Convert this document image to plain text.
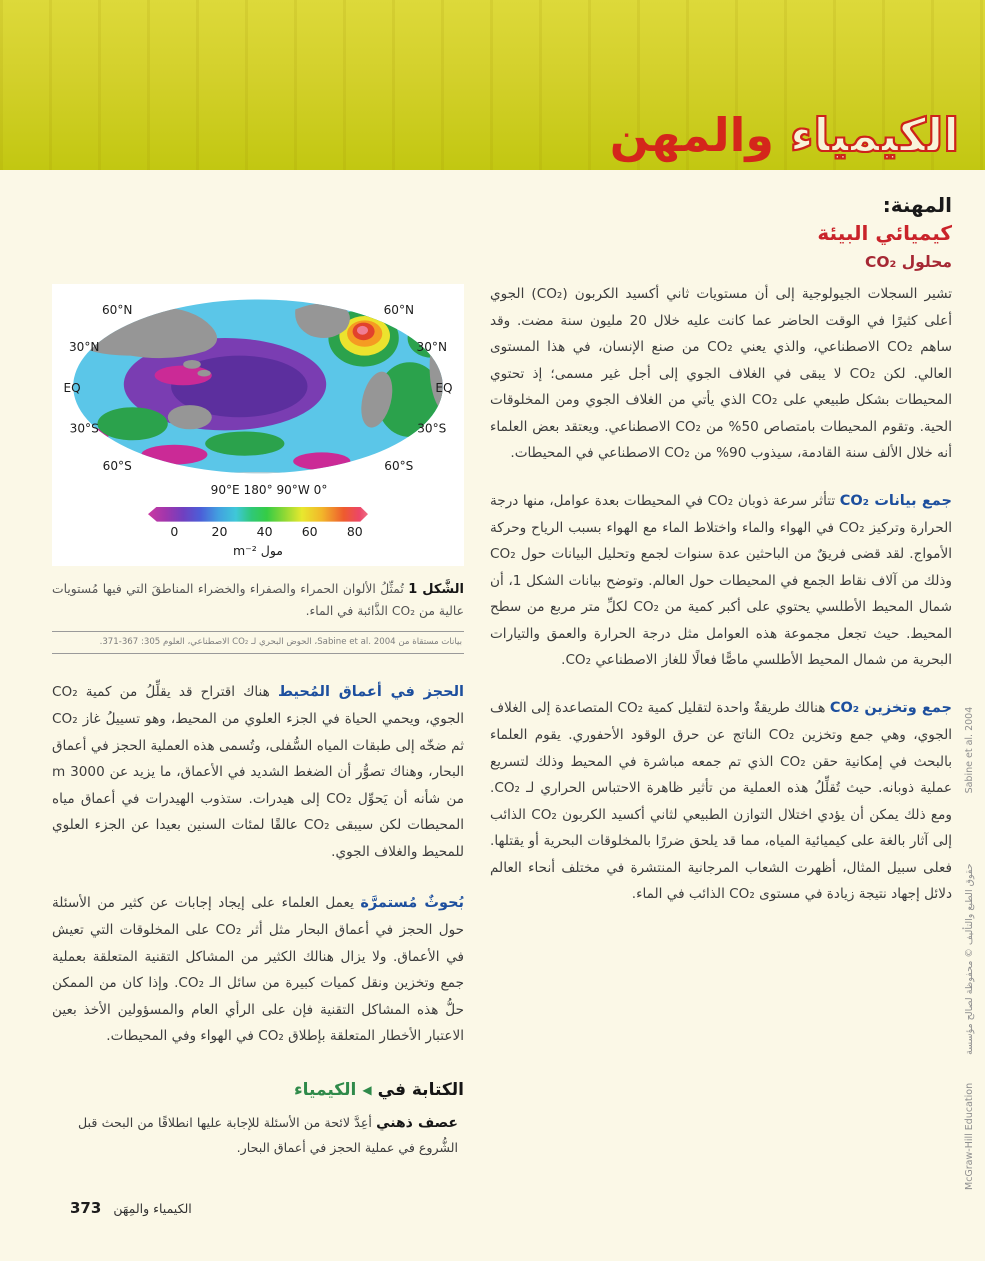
الكيمياءوالمهن

المهنة:

كيميائي البيئة

محلول CO₂

تشير السجلات الجيولوجية إلى أن مستويات ثاني أكسيد الكربون (CO₂) الجوي أعلى كثيرًا في الوقت الحاضر عما كانت عليه خلال 20 مليون سنة مضت. وقد ساهم CO₂ الاصطناعي، والذي يعني CO₂ من صنع الإنسان، في هذا المستوى العالي. لكن CO₂ لا يبقى في الغلاف الجوي إلى أجل غير مسمى؛ إذ تحتوي المحيطات بشكل طبيعي على CO₂ الذي يأتي من الغلاف الجوي ومن المخلوقات الحية. وتقوم المحيطات بامتصاص 50% من CO₂ الاصطناعي. ويعتقد بعض العلماء أنه خلال الألف سنة القادمة، سيذوب 90% من CO₂ الاصطناعي في المحيطات.

جمع بيانات CO₂ تتأثر سرعة ذوبان CO₂ في المحيطات بعدة عوامل، منها درجة الحرارة وتركيز CO₂ في الهواء والماء واختلاط الماء مع الهواء بسبب الرياح وحركة الأمواج. لقد قضى فريقٌ من الباحثين عدة سنوات لجمع وتحليل البيانات حول CO₂ وذلك من آلاف نقاط الجمع في المحيطات حول العالم. وتوضح بيانات الشكل 1، أن شمال المحيط الأطلسي يحتوي على أكبر كمية من CO₂ لكلِّ متر مربع من سطح المحيط. حيث تجعل مجموعة هذه العوامل مثل درجة الحرارة والعمق والتيارات البحرية من شمال المحيط الأطلسي ماصًّا فعالًا للغاز الاصطناعي CO₂.

جمع وتخزين CO₂ هنالك طريقةٌ واحدة لتقليل كمية CO₂ المتصاعدة إلى الغلاف الجوي، وهي جمع وتخزين CO₂ الناتج عن حرق الوقود الأحفوري. يقوم العلماء بالبحث في إمكانية حقن CO₂ الذي تم جمعه مباشرة في المحيط وذلك لتسريع عملية ذوبانه. حيث تُقلِّلُ هذه العملية من تأثير ظاهرة الاحتباس الحراري لـ CO₂. ومع ذلك يمكن أن يؤدي اختلال التوازن الطبيعي لثاني أكسيد الكربون CO₂ الذائب إلى آثار بالغة على كيميائية المياه، مما قد يلحق ضررًا بالمخلوقات البحرية أو يقتلها. فعلى سبيل المثال، أظهرت الشعاب المرجانية المنتشرة في مختلف أنحاء العالم دلائل إجهاد نتيجة زيادة في مستوى CO₂ الذائب في الماء.

60°N
30°N
EQ
30°S
60°S
60°N
30°N
EQ
30°S
60°S
90°E 180° 90°W 0°
0	20 40 60 80
مول m⁻²
الشَّكل 1 تُمثِّلُ الألوان الحمراء والصفراء والخضراء المناطقَ التي فيها مُستويات عالية من CO₂ الذَّائبة في الماء.
بيانات مستقاة من Sabine et al. 2004، الحوض البحري لـ CO₂ الاصطناعي، العلوم 305: 367-371.

الحجز في أعماق المُحيط هناك اقتراح قد يقلِّلُ من كمية CO₂ الجوي، ويحمي الحياة في الجزء العلوي من المحيط، وهو تسييلُ غاز CO₂ ثم ضخّه إلى طبقات المياه السُّفلى، وتُسمى هذه العملية الحجز في أعماق البحار، وهناك تصوُّر أن الضغط الشديد في الأعماق، ما يزيد عن 3000 m من شأنه أن يَحوِّل CO₂ إلى هيدرات. ستذوب الهيدرات في أعماق مياه المحيطات لكن سيبقى CO₂ عالقًا لمئات السنين بعيدا عن الجزء العلوي للمحيط والغلاف الجوي.

بُحوثٌ مُستمرَّة يعمل العلماء على إيجاد إجابات عن كثير من الأسئلة حول الحجز في أعماق البحار مثل أثر CO₂ على المخلوقات التي تعيش في الأعماق. ولا يزال هنالك الكثير من المشاكل التقنية المتعلقة بعملية جمع وتخزين ونقل كميات كبيرة من سائل الـ CO₂. وإذا كان من الممكن حلُّ هذه المشاكل التقنية فإن على الرأي العام والمسؤولين الأخذ بعين الاعتبار الأخطار المتعلقة بإطلاق CO₂ في الهواء وفي المحيطات.

الكتابة في
◀
الكيمياء

عصف ذهني أعِدَّ لائحة من الأسئلة للإجابة عليها انطلاقًا من البحث قبل الشُّروع في عملية الحجز في أعماق البحار.

373 الكيمياء والمِهَن
McGraw-Hill Education
حقوق الطبع والتأليف © محفوظة لصالح مؤسسة
Sabine et al. 2004
